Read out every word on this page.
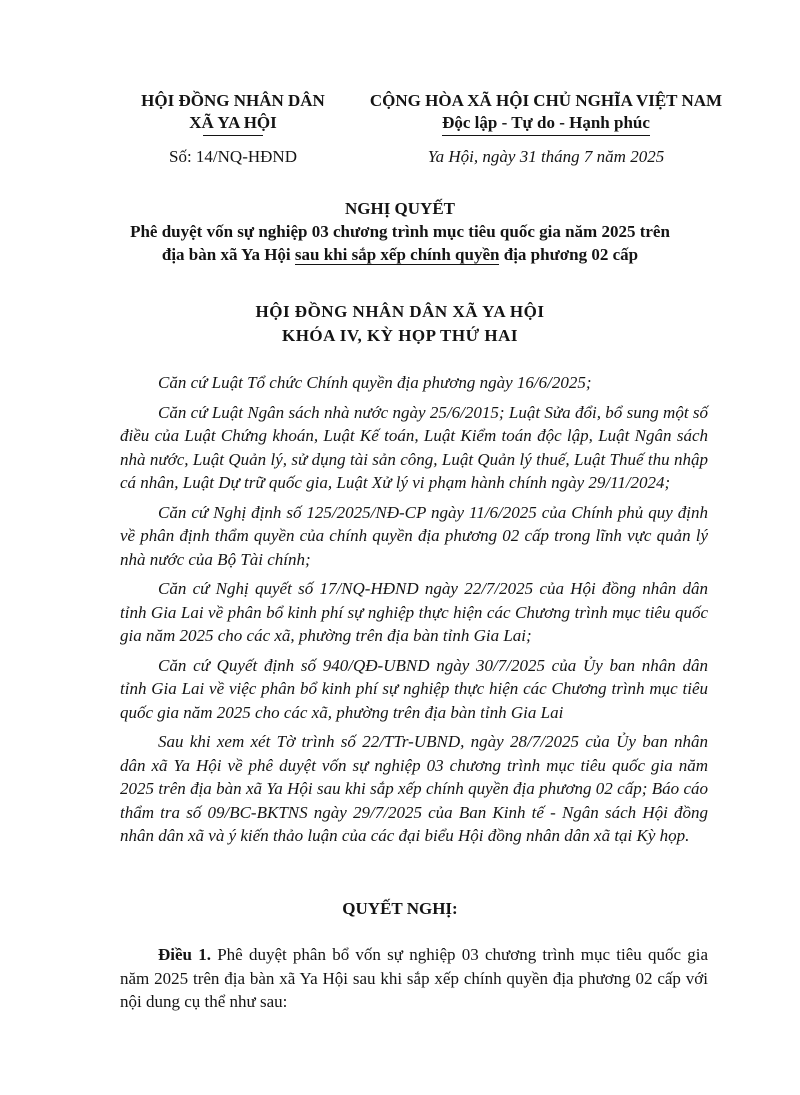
HỘI ĐỒNG NHÂN DÂN
XÃ YA HỘI
CỘNG HÒA XÃ HỘI CHỦ NGHĨA VIỆT NAM
Độc lập - Tự do - Hạnh phúc
Số: 14/NQ-HĐND	Ya Hội, ngày 31 tháng 7 năm 2025
NGHỊ QUYẾT
Phê duyệt vốn sự nghiệp 03 chương trình mục tiêu quốc gia năm 2025 trên
địa bàn xã Ya Hội sau khi sắp xếp chính quyền địa phương 02 cấp
HỘI ĐỒNG NHÂN DÂN XÃ YA HỘI
KHÓA IV, KỲ HỌP THỨ HAI

Căn cứ Luật Tổ chức Chính quyền địa phương ngày 16/6/2025;

Căn cứ Luật Ngân sách nhà nước ngày 25/6/2015; Luật Sửa đổi, bổ sung một số điều của Luật Chứng khoán, Luật Kế toán, Luật Kiểm toán độc lập, Luật Ngân sách nhà nước, Luật Quản lý, sử dụng tài sản công, Luật Quản lý thuế, Luật Thuế thu nhập cá nhân, Luật Dự trữ quốc gia, Luật Xử lý vi phạm hành chính ngày 29/11/2024;

Căn cứ Nghị định số 125/2025/NĐ-CP ngày 11/6/2025 của Chính phủ quy định về phân định thẩm quyền của chính quyền địa phương 02 cấp trong lĩnh vực quản lý nhà nước của Bộ Tài chính;

Căn cứ Nghị quyết số 17/NQ-HĐND ngày 22/7/2025 của Hội đồng nhân dân tỉnh Gia Lai về phân bổ kinh phí sự nghiệp thực hiện các Chương trình mục tiêu quốc gia năm 2025 cho các xã, phường trên địa bàn tỉnh Gia Lai;

Căn cứ Quyết định số 940/QĐ-UBND ngày 30/7/2025 của Ủy ban nhân dân tỉnh Gia Lai về việc phân bổ kinh phí sự nghiệp thực hiện các Chương trình mục tiêu quốc gia năm 2025 cho các xã, phường trên địa bàn tỉnh Gia Lai

Sau khi xem xét Tờ trình số 22/TTr-UBND, ngày 28/7/2025 của Ủy ban nhân dân xã Ya Hội về phê duyệt vốn sự nghiệp 03 chương trình mục tiêu quốc gia năm 2025 trên địa bàn xã Ya Hội sau khi sắp xếp chính quyền địa phương 02 cấp; Báo cáo thẩm tra số 09/BC-BKTNS ngày 29/7/2025 của Ban Kinh tế - Ngân sách Hội đồng nhân dân xã và ý kiến thảo luận của các đại biểu Hội đồng nhân dân xã tại Kỳ họp.

QUYẾT NGHỊ:
Điều 1. Phê duyệt phân bổ vốn sự nghiệp 03 chương trình mục tiêu quốc gia năm 2025 trên địa bàn xã Ya Hội sau khi sắp xếp chính quyền địa phương 02 cấp với nội dung cụ thể như sau:
